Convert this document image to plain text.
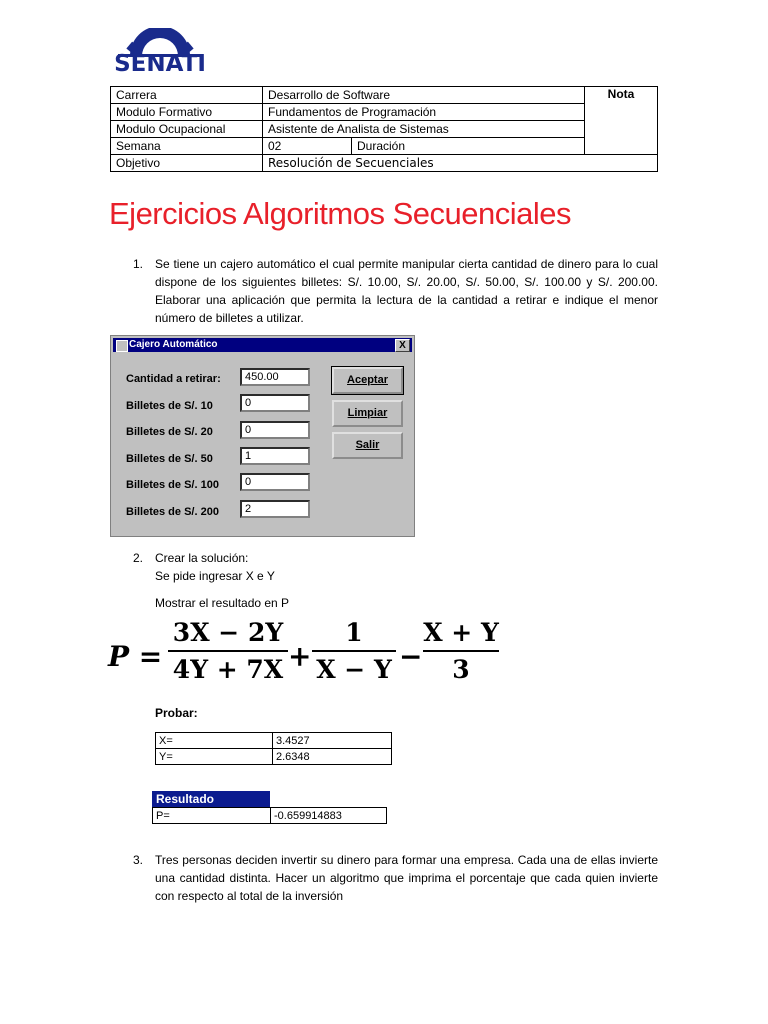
SENATI
Carrera	Desarrollo de Software		Nota
Modulo Formativo	Fundamentos de Programación		
Modulo Ocupacional	Asistente de Analista de Sistemas		
Semana	02	Duración	
Objetivo	Resolución de Secuenciales		
Ejercicios Algoritmos Secuenciales
1. Se tiene un cajero automático el cual permite manipular cierta cantidad de dinero para lo cual dispone de los siguientes billetes: S/. 10.00, S/. 20.00, S/. 50.00, S/. 100.00 y S/. 200.00. Elaborar una aplicación que permita la lectura de la cantidad a retirar e indique el menor número de billetes a utilizar.
Cajero Automático	X
Cantidad a retirar:	450.00
Billetes de S/. 10	0
Billetes de S/. 20	0
Billetes de S/. 50	1
Billetes de S/. 100	0
Billetes de S/. 200	2
Aceptar
Limpiar
Salir
2. Crear la solución:
Se pide ingresar X e Y
Mostrar el resultado en P
P =
3X − 2Y
4Y + 7X +
1
X − Y −
X + Y
3
Probar:
X=	3.4527
Y=	2.6348
Resultado
P=	-0.659914883
3. Tres personas deciden invertir su dinero para formar una empresa. Cada una de ellas invierte una cantidad distinta. Hacer un algoritmo que imprima el porcentaje que cada quien invierte con respecto al total de la inversión
